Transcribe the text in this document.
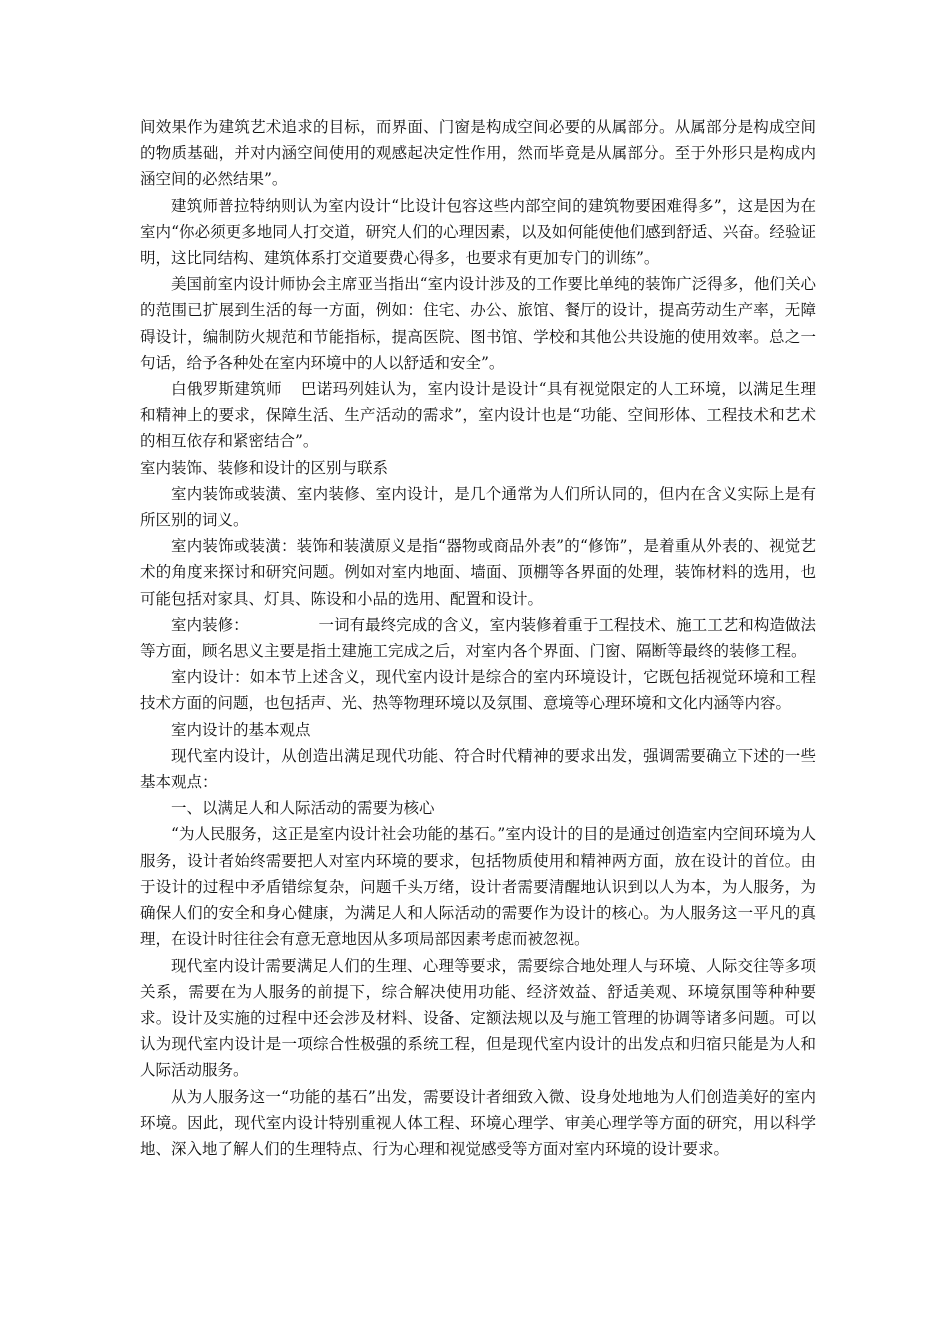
间效果作为建筑艺术追求的目标，而界面、门窗是构成空间必要的从属部分。从属部分是构成空间的物质基础，并对内涵空间使用的观感起决定性作用，然而毕竟是从属部分。至于外形只是构成内涵空间的必然结果”。

建筑师普拉特纳则认为室内设计“比设计包容这些内部空间的建筑物要困难得多”，这是因为在室内“你必须更多地同人打交道，研究人们的心理因素，以及如何能使他们感到舒适、兴奋。经验证明，这比同结构、建筑体系打交道要费心得多，也要求有更加专门的训练”。

美国前室内设计师协会主席亚当指出“室内设计涉及的工作要比单纯的装饰广泛得多，他们关心的范围已扩展到生活的每一方面，例如：住宅、办公、旅馆、餐厅的设计，提高劳动生产率，无障碍设计，编制防火规范和节能指标，提高医院、图书馆、学校和其他公共设施的使用效率。总之一句话，给予各种处在室内环境中的人以舒适和安全”。

白俄罗斯建筑师 巴诺玛列娃认为，室内设计是设计“具有视觉限定的人工环境，以满足生理和精神上的要求，保障生活、生产活动的需求”，室内设计也是“功能、空间形体、工程技术和艺术的相互依存和紧密结合”。

室内装饰、装修和设计的区别与联系

室内装饰或装潢、室内装修、室内设计，是几个通常为人们所认同的，但内在含义实际上是有所区别的词义。

室内装饰或装潢：装饰和装潢原义是指“器物或商品外表”的“修饰”，是着重从外表的、视觉艺术的角度来探讨和研究问题。例如对室内地面、墙面、顶棚等各界面的处理，装饰材料的选用，也可能包括对家具、灯具、陈设和小品的选用、配置和设计。

室内装修：	一词有最终完成的含义，室内装修着重于工程技术、施工工艺和构造做法等方面，顾名思义主要是指土建施工完成之后，对室内各个界面、门窗、隔断等最终的装修工程。

室内设计：如本节上述含义，现代室内设计是综合的室内环境设计，它既包括视觉环境和工程技术方面的问题，也包括声、光、热等物理环境以及氛围、意境等心理环境和文化内涵等内容。

室内设计的基本观点

现代室内设计，从创造出满足现代功能、符合时代精神的要求出发，强调需要确立下述的一些基本观点：

一、以满足人和人际活动的需要为核心

“为人民服务，这正是室内设计社会功能的基石。”室内设计的目的是通过创造室内空间环境为人服务，设计者始终需要把人对室内环境的要求，包括物质使用和精神两方面，放在设计的首位。由于设计的过程中矛盾错综复杂，问题千头万绪，设计者需要清醒地认识到以人为本，为人服务，为确保人们的安全和身心健康，为满足人和人际活动的需要作为设计的核心。为人服务这一平凡的真理，在设计时往往会有意无意地因从多项局部因素考虑而被忽视。

现代室内设计需要满足人们的生理、心理等要求，需要综合地处理人与环境、人际交往等多项关系，需要在为人服务的前提下，综合解决使用功能、经济效益、舒适美观、环境氛围等种种要求。设计及实施的过程中还会涉及材料、设备、定额法规以及与施工管理的协调等诸多问题。可以认为现代室内设计是一项综合性极强的系统工程，但是现代室内设计的出发点和归宿只能是为人和人际活动服务。

从为人服务这一“功能的基石”出发，需要设计者细致入微、设身处地地为人们创造美好的室内环境。因此，现代室内设计特别重视人体工程、环境心理学、审美心理学等方面的研究，用以科学地、深入地了解人们的生理特点、行为心理和视觉感受等方面对室内环境的设计要求。
